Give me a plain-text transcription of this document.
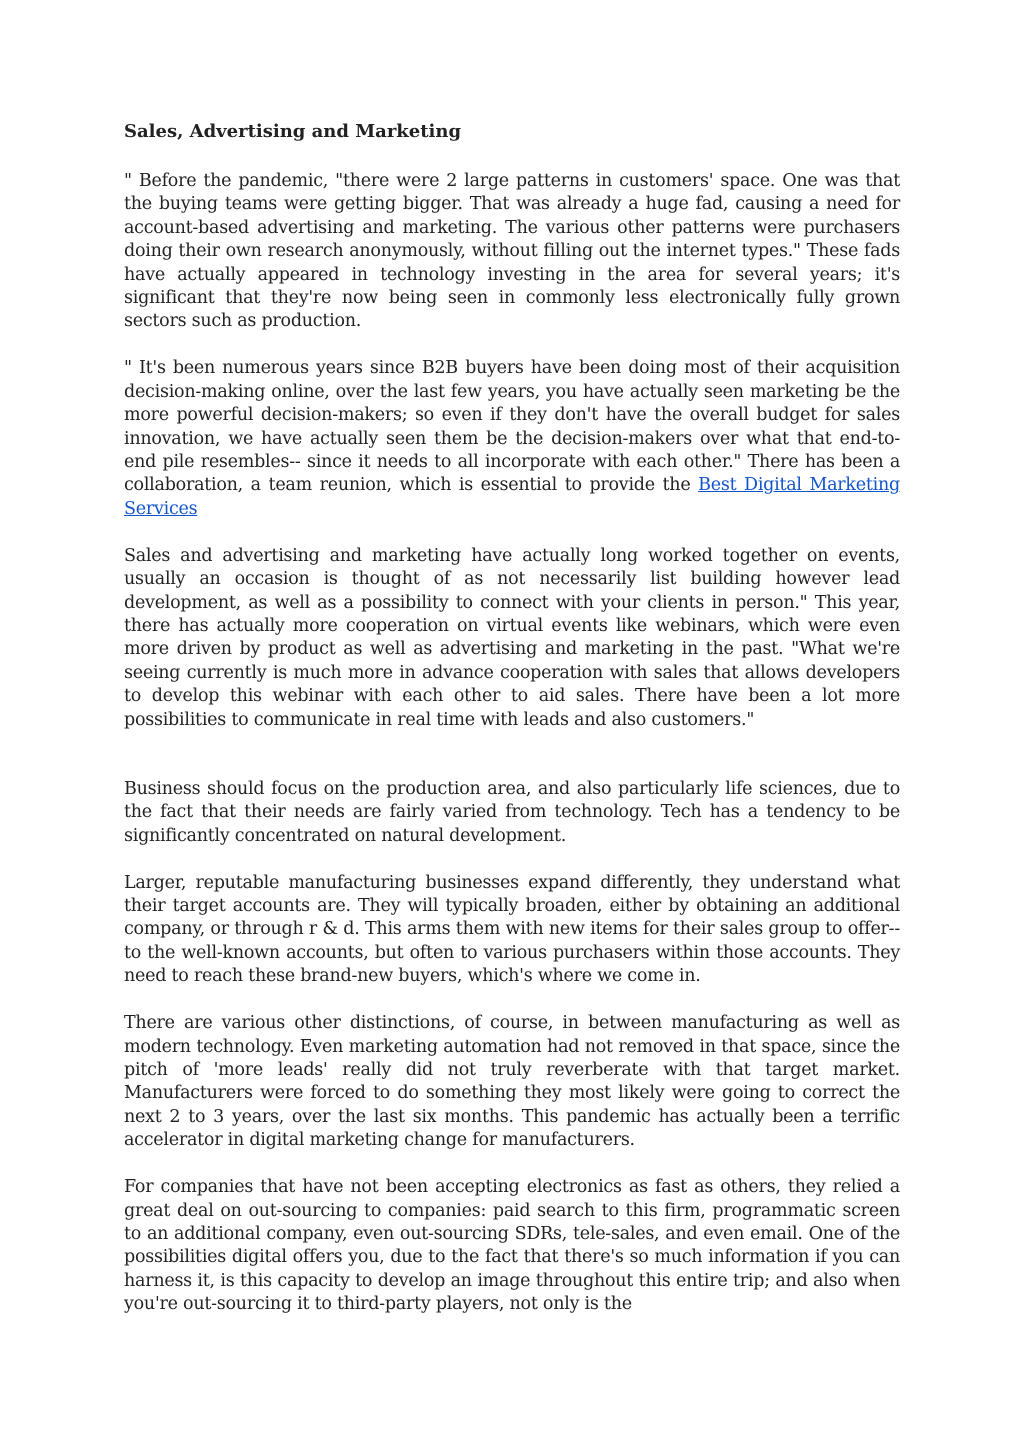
Sales, Advertising and Marketing

" Before the pandemic, "there were 2 large patterns in customers' space. One was that the buying teams were getting bigger. That was already a huge fad, causing a need for account-based advertising and marketing. The various other patterns were purchasers doing their own research anonymously, without filling out the internet types." These fads have actually appeared in technology investing in the area for several years; it's significant that they're now being seen in commonly less electronically fully grown sectors such as production.

" It's been numerous years since B2B buyers have been doing most of their acquisition decision-making online, over the last few years, you have actually seen marketing be the more powerful decision-makers; so even if they don't have the overall budget for sales innovation, we have actually seen them be the decision-makers over what that end-to-end pile resembles-- since it needs to all incorporate with each other." There has been a collaboration, a team reunion, which is essential to provide the Best Digital Marketing Services

Sales and advertising and marketing have actually long worked together on events, usually an occasion is thought of as not necessarily list building however lead development, as well as a possibility to connect with your clients in person." This year, there has actually more cooperation on virtual events like webinars, which were even more driven by product as well as advertising and marketing in the past. "What we're seeing currently is much more in advance cooperation with sales that allows developers to develop this webinar with each other to aid sales. There have been a lot more possibilities to communicate in real time with leads and also customers."

Business should focus on the production area, and also particularly life sciences, due to the fact that their needs are fairly varied from technology. Tech has a tendency to be significantly concentrated on natural development.

Larger, reputable manufacturing businesses expand differently, they understand what their target accounts are. They will typically broaden, either by obtaining an additional company, or through r & d. This arms them with new items for their sales group to offer-- to the well-known accounts, but often to various purchasers within those accounts. They need to reach these brand-new buyers, which's where we come in.

There are various other distinctions, of course, in between manufacturing as well as modern technology. Even marketing automation had not removed in that space, since the pitch of 'more leads' really did not truly reverberate with that target market. Manufacturers were forced to do something they most likely were going to correct the next 2 to 3 years, over the last six months. This pandemic has actually been a terrific accelerator in digital marketing change for manufacturers.

For companies that have not been accepting electronics as fast as others, they relied a great deal on out-sourcing to companies: paid search to this firm, programmatic screen to an additional company, even out-sourcing SDRs, tele-sales, and even email. One of the possibilities digital offers you, due to the fact that there's so much information if you can harness it, is this capacity to develop an image throughout this entire trip; and also when you're out-sourcing it to third-party players, not only is the
